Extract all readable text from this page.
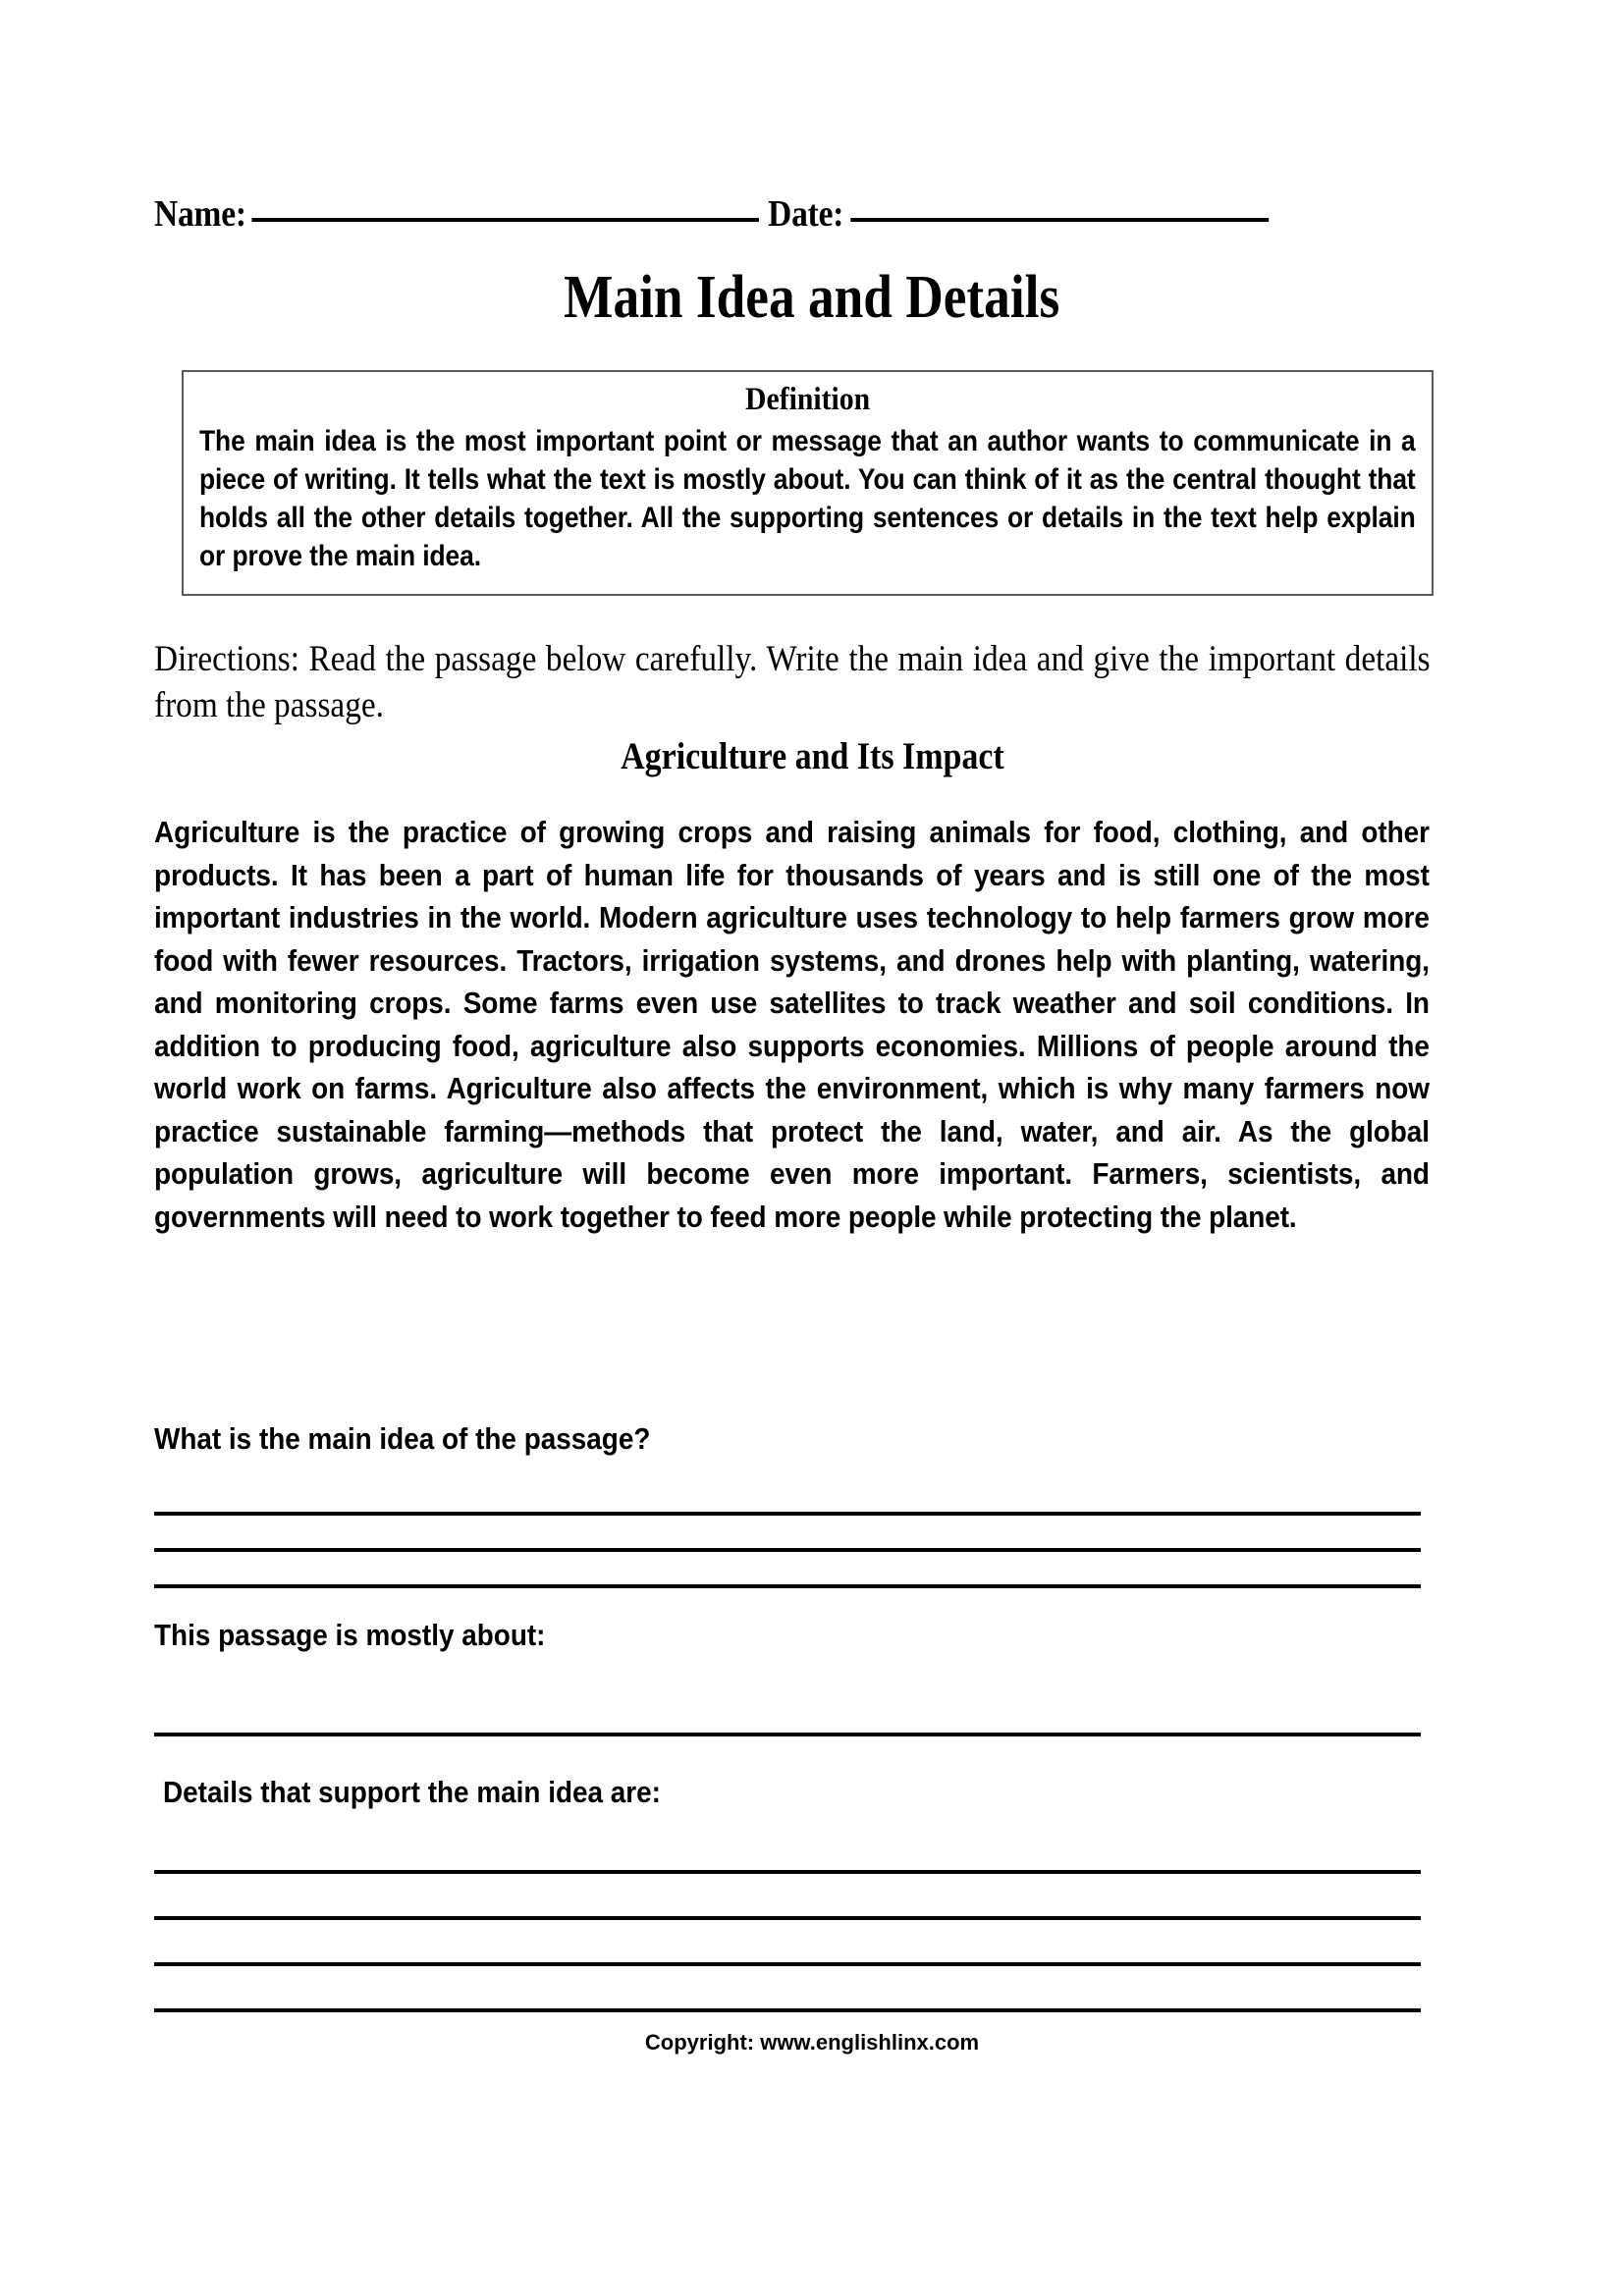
Name:	Date:
Main Idea and Details
Definition
The main idea is the most important point or message that an author wants to communicate in a piece of writing. It tells what the text is mostly about. You can think of it as the central thought that holds all the other details together. All the supporting sentences or details in the text help explain or prove the main idea.
Directions: Read the passage below carefully. Write the main idea and give the important details from the passage.
Agriculture and Its Impact
Agriculture is the practice of growing crops and raising animals for food, clothing, and other products. It has been a part of human life for thousands of years and is still one of the most important industries in the world. Modern agriculture uses technology to help farmers grow more food with fewer resources. Tractors, irrigation systems, and drones help with planting, watering, and monitoring crops. Some farms even use satellites to track weather and soil conditions. In addition to producing food, agriculture also supports economies. Millions of people around the world work on farms. Agriculture also affects the environment, which is why many farmers now practice sustainable farming—methods that protect the land, water, and air. As the global population grows, agriculture will become even more important. Farmers, scientists, and governments will need to work together to feed more people while protecting the planet.
What is the main idea of the passage?
This passage is mostly about:
Details that support the main idea are:
Copyright: www.englishlinx.com
